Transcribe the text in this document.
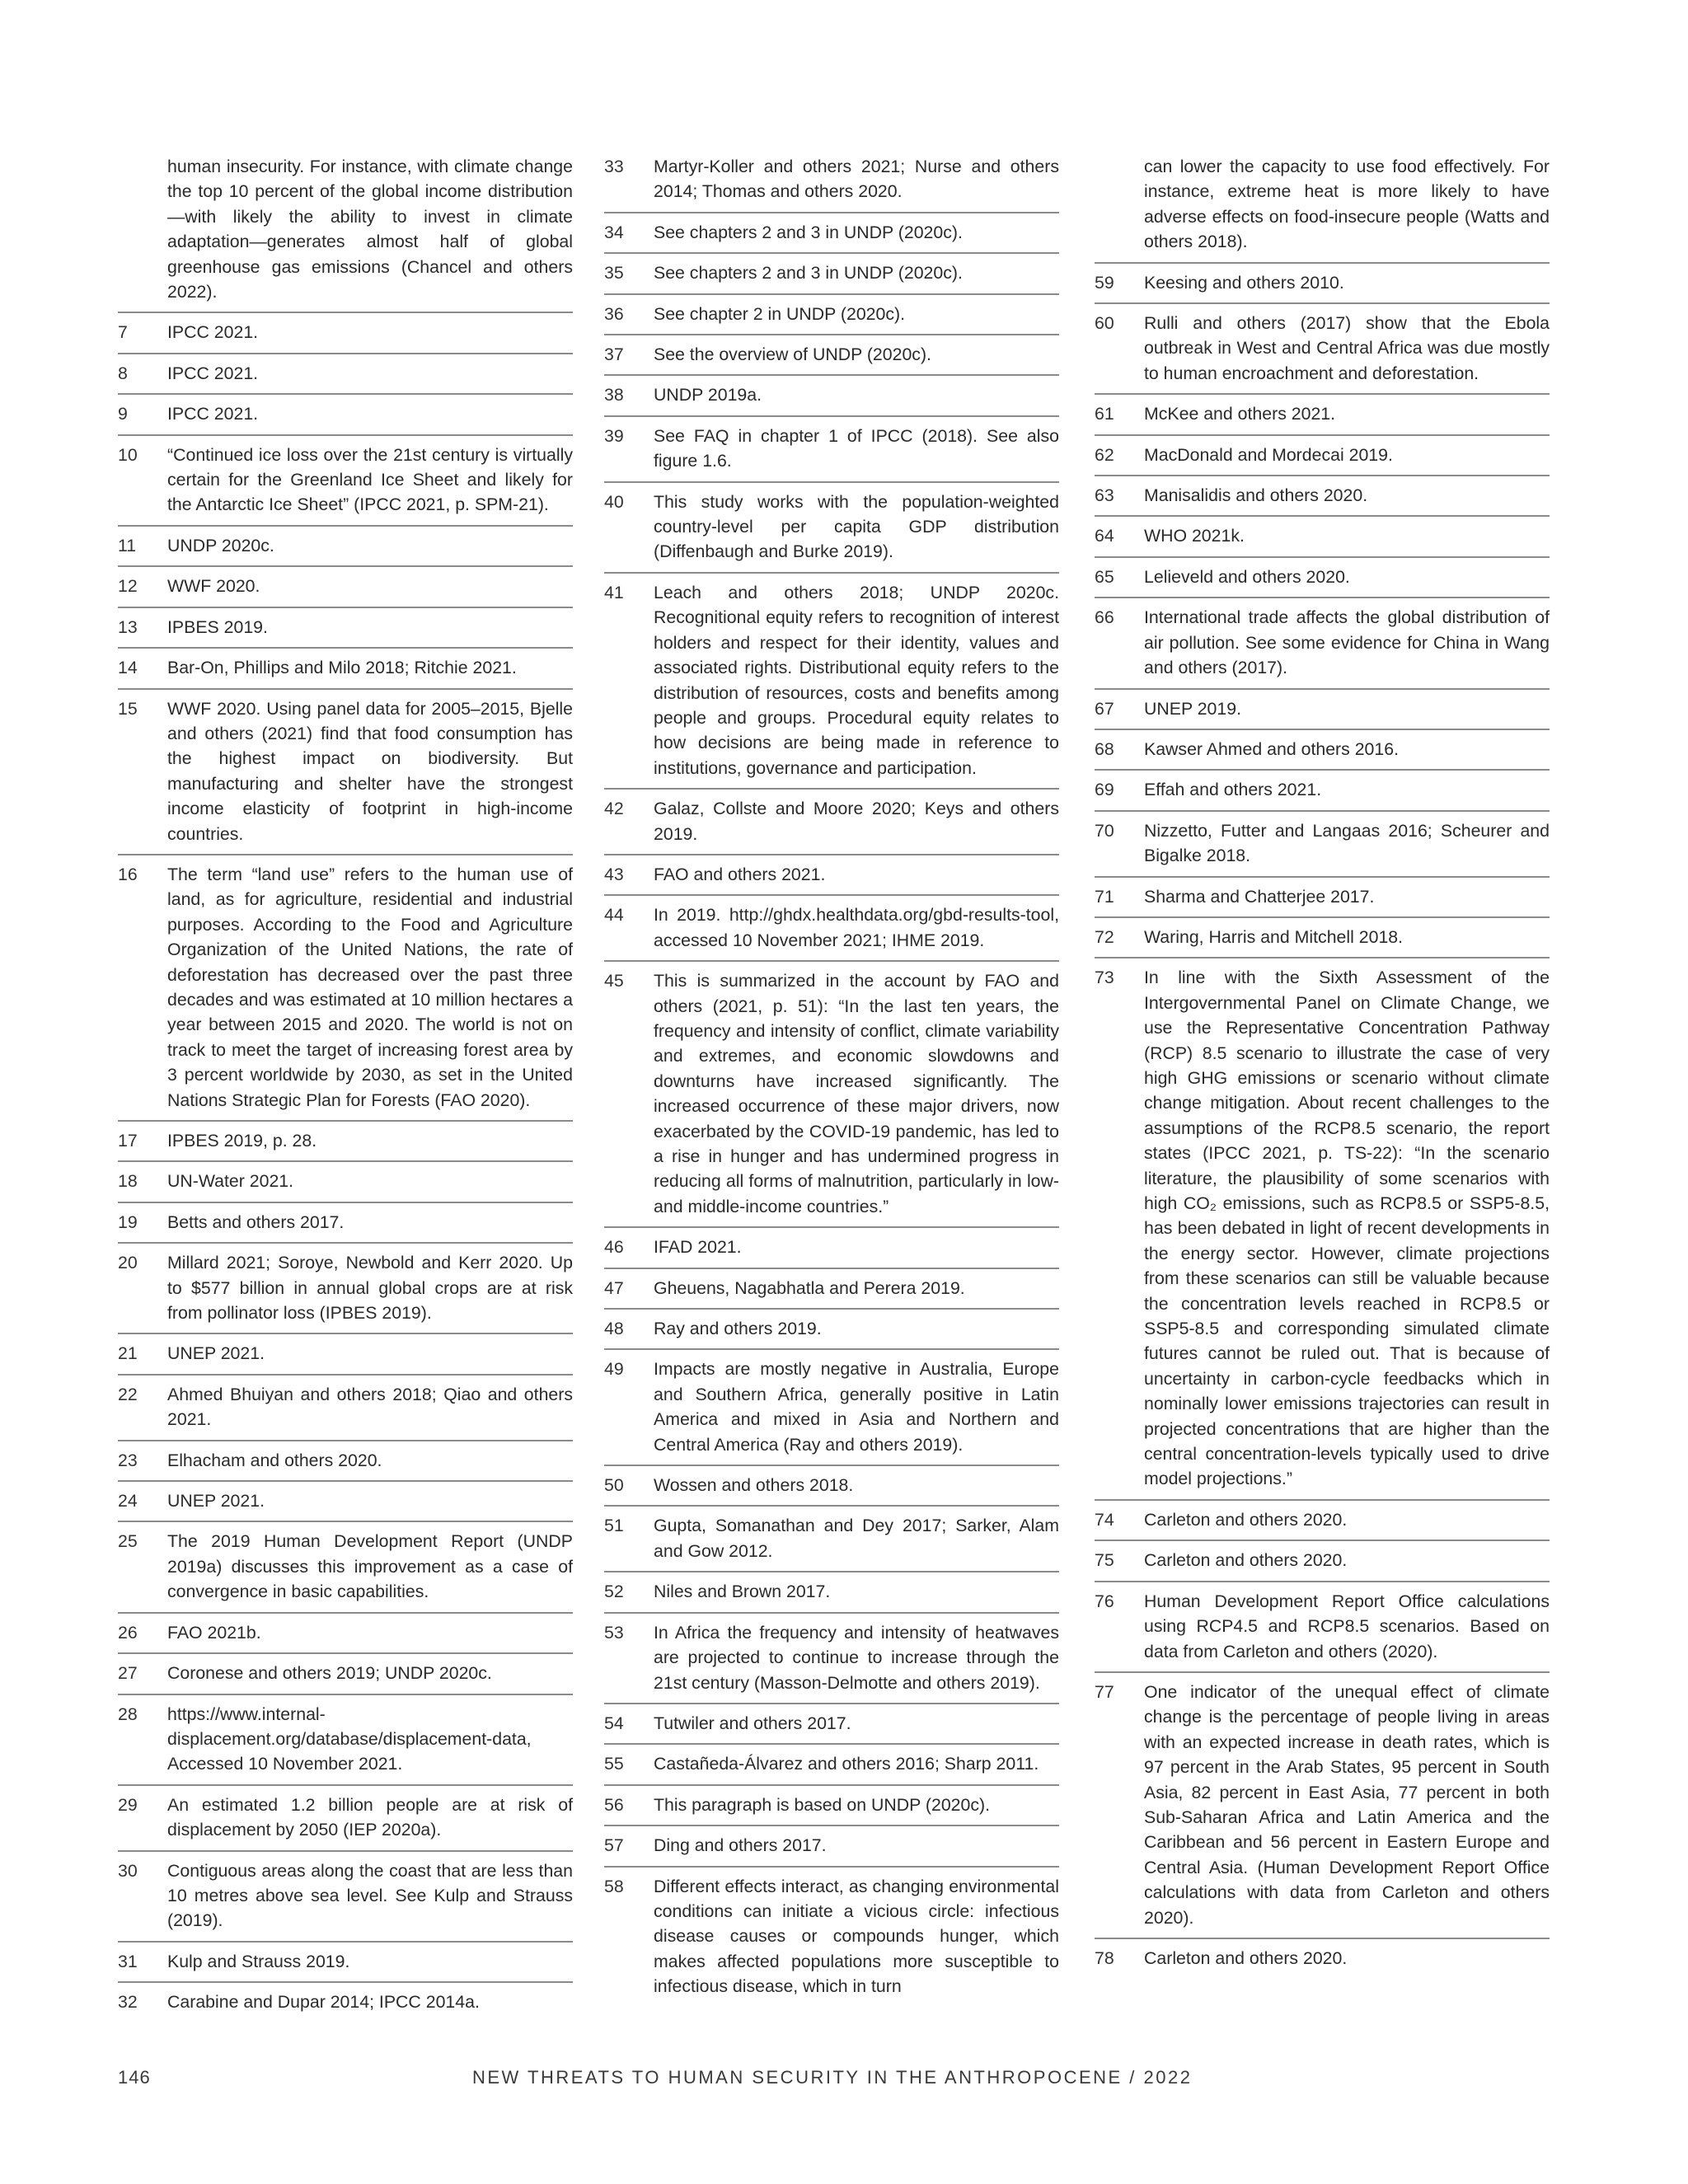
human insecurity. For instance, with climate change the top 10 percent of the global income distribution—with likely the ability to invest in climate adaptation—generates almost half of global greenhouse gas emissions (Chancel and others 2022).
7	IPCC 2021.
8	IPCC 2021.
9	IPCC 2021.
10	“Continued ice loss over the 21st century is virtually certain for the Greenland Ice Sheet and likely for the Antarctic Ice Sheet” (IPCC 2021, p. SPM-21).
11	UNDP 2020c.
12	WWF 2020.
13	IPBES 2019.
14	Bar-On, Phillips and Milo 2018; Ritchie 2021.
15	WWF 2020. Using panel data for 2005–2015, Bjelle and others (2021) find that food consumption has the highest impact on biodiversity. But manufacturing and shelter have the strongest income elasticity of footprint in high-income countries.
16	The term “land use” refers to the human use of land, as for agriculture, residential and industrial purposes. According to the Food and Agriculture Organization of the United Nations, the rate of deforestation has decreased over the past three decades and was estimated at 10 million hectares a year between 2015 and 2020. The world is not on track to meet the target of increasing forest area by 3 percent worldwide by 2030, as set in the United Nations Strategic Plan for Forests (FAO 2020).
17	IPBES 2019, p. 28.
18	UN-Water 2021.
19	Betts and others 2017.
20	Millard 2021; Soroye, Newbold and Kerr 2020. Up to $577 billion in annual global crops are at risk from pollinator loss (IPBES 2019).
21	UNEP 2021.
22	Ahmed Bhuiyan and others 2018; Qiao and others 2021.
23	Elhacham and others 2020.
24	UNEP 2021.
25	The 2019 Human Development Report (UNDP 2019a) discusses this improvement as a case of convergence in basic capabilities.
26	FAO 2021b.
27	Coronese and others 2019; UNDP 2020c.
28	https://www.internal-displacement.org/database/displacement-data, Accessed 10 November 2021.
29	An estimated 1.2 billion people are at risk of displacement by 2050 (IEP 2020a).
30	Contiguous areas along the coast that are less than 10 metres above sea level. See Kulp and Strauss (2019).
31	Kulp and Strauss 2019.
32	Carabine and Dupar 2014; IPCC 2014a.
33	Martyr-Koller and others 2021; Nurse and others 2014; Thomas and others 2020.
34	See chapters 2 and 3 in UNDP (2020c).
35	See chapters 2 and 3 in UNDP (2020c).
36	See chapter 2 in UNDP (2020c).
37	See the overview of UNDP (2020c).
38	UNDP 2019a.
39	See FAQ in chapter 1 of IPCC (2018). See also figure 1.6.
40	This study works with the population-weighted country-level per capita GDP distribution (Diffenbaugh and Burke 2019).
41	Leach and others 2018; UNDP 2020c. Recognitional equity refers to recognition of interest holders and respect for their identity, values and associated rights. Distributional equity refers to the distribution of resources, costs and benefits among people and groups. Procedural equity relates to how decisions are being made in reference to institutions, governance and participation.
42	Galaz, Collste and Moore 2020; Keys and others 2019.
43	FAO and others 2021.
44	In 2019. http://ghdx.healthdata.org/gbd-results-tool, accessed 10 November 2021; IHME 2019.
45	This is summarized in the account by FAO and others (2021, p. 51): “In the last ten years, the frequency and intensity of conflict, climate variability and extremes, and economic slowdowns and downturns have increased significantly. The increased occurrence of these major drivers, now exacerbated by the COVID-19 pandemic, has led to a rise in hunger and has undermined progress in reducing all forms of malnutrition, particularly in low- and middle-income countries.”
46	IFAD 2021.
47	Gheuens, Nagabhatla and Perera 2019.
48	Ray and others 2019.
49	Impacts are mostly negative in Australia, Europe and Southern Africa, generally positive in Latin America and mixed in Asia and Northern and Central America (Ray and others 2019).
50	Wossen and others 2018.
51	Gupta, Somanathan and Dey 2017; Sarker, Alam and Gow 2012.
52	Niles and Brown 2017.
53	In Africa the frequency and intensity of heatwaves are projected to continue to increase through the 21st century (Masson-Delmotte and others 2019).
54	Tutwiler and others 2017.
55	Castañeda-Álvarez and others 2016; Sharp 2011.
56	This paragraph is based on UNDP (2020c).
57	Ding and others 2017.
58	Different effects interact, as changing environmental conditions can initiate a vicious circle: infectious disease causes or compounds hunger, which makes affected populations more susceptible to infectious disease, which in turn
can lower the capacity to use food effectively. For instance, extreme heat is more likely to have adverse effects on food-insecure people (Watts and others 2018).
59	Keesing and others 2010.
60	Rulli and others (2017) show that the Ebola outbreak in West and Central Africa was due mostly to human encroachment and deforestation.
61	McKee and others 2021.
62	MacDonald and Mordecai 2019.
63	Manisalidis and others 2020.
64	WHO 2021k.
65	Lelieveld and others 2020.
66	International trade affects the global distribution of air pollution. See some evidence for China in Wang and others (2017).
67	UNEP 2019.
68	Kawser Ahmed and others 2016.
69	Effah and others 2021.
70	Nizzetto, Futter and Langaas 2016; Scheurer and Bigalke 2018.
71	Sharma and Chatterjee 2017.
72	Waring, Harris and Mitchell 2018.
73	In line with the Sixth Assessment of the Intergovernmental Panel on Climate Change, we use the Representative Concentration Pathway (RCP) 8.5 scenario to illustrate the case of very high GHG emissions or scenario without climate change mitigation. About recent challenges to the assumptions of the RCP8.5 scenario, the report states (IPCC 2021, p. TS-22): “In the scenario literature, the plausibility of some scenarios with high CO₂ emissions, such as RCP8.5 or SSP5-8.5, has been debated in light of recent developments in the energy sector. However, climate projections from these scenarios can still be valuable because the concentration levels reached in RCP8.5 or SSP5-8.5 and corresponding simulated climate futures cannot be ruled out. That is because of uncertainty in carbon-cycle feedbacks which in nominally lower emissions trajectories can result in projected concentrations that are higher than the central concentration-levels typically used to drive model projections.”
74	Carleton and others 2020.
75	Carleton and others 2020.
76	Human Development Report Office calculations using RCP4.5 and RCP8.5 scenarios. Based on data from Carleton and others (2020).
77	One indicator of the unequal effect of climate change is the percentage of people living in areas with an expected increase in death rates, which is 97 percent in the Arab States, 95 percent in South Asia, 82 percent in East Asia, 77 percent in both Sub-Saharan Africa and Latin America and the Caribbean and 56 percent in Eastern Europe and Central Asia. (Human Development Report Office calculations with data from Carleton and others 2020).
78	Carleton and others 2020.
146	NEW THREATS TO HUMAN SECURITY IN THE ANTHROPOCENE / 2022
